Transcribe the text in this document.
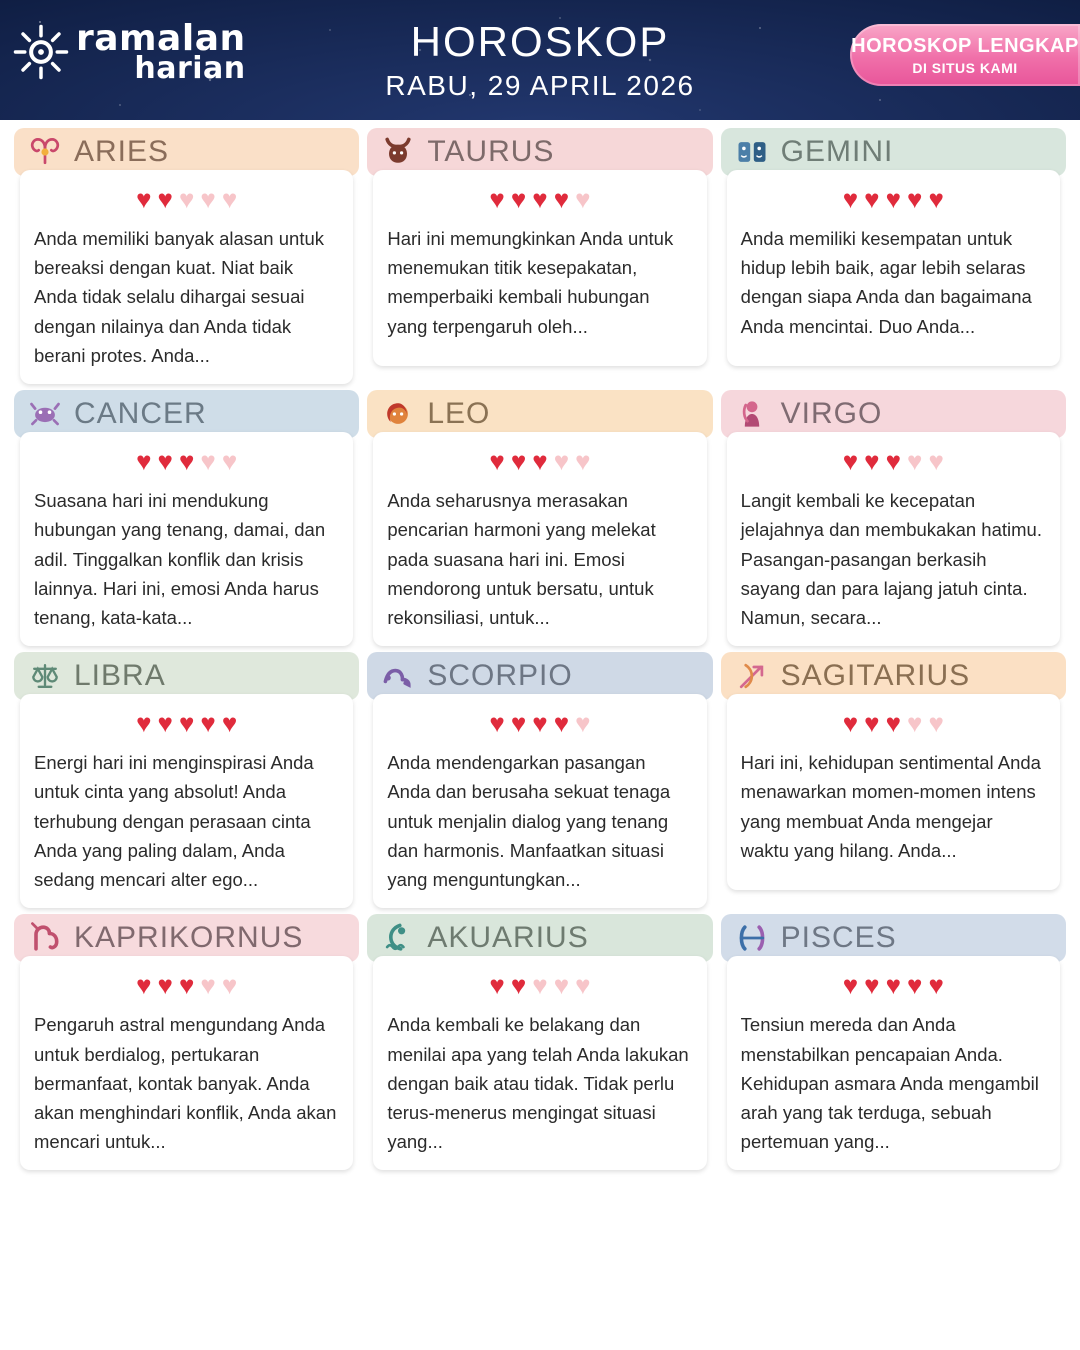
ramalan
harian
HOROSKOP
RABU, 29 APRIL 2026
HOROSKOP LENGKAP
DI SITUS KAMI
ARIES
♥ ♥ ♥ ♥ ♥
Anda memiliki banyak alasan untuk bereaksi dengan kuat. Niat baik Anda tidak selalu dihargai sesuai dengan nilainya dan Anda tidak berani protes. Anda...
TAURUS
♥ ♥ ♥ ♥ ♥
Hari ini memungkinkan Anda untuk menemukan titik kesepakatan, memperbaiki kembali hubungan yang terpengaruh oleh...
GEMINI
♥ ♥ ♥ ♥ ♥
Anda memiliki kesempatan untuk hidup lebih baik, agar lebih selaras dengan siapa Anda dan bagaimana Anda mencintai. Duo Anda...
CANCER
♥ ♥ ♥ ♥ ♥
Suasana hari ini mendukung hubungan yang tenang, damai, dan adil. Tinggalkan konflik dan krisis lainnya. Hari ini, emosi Anda harus tenang, kata-kata...
LEO
♥ ♥ ♥ ♥ ♥
Anda seharusnya merasakan pencarian harmoni yang melekat pada suasana hari ini. Emosi mendorong untuk bersatu, untuk rekonsiliasi, untuk...
VIRGO
♥ ♥ ♥ ♥ ♥
Langit kembali ke kecepatan jelajahnya dan membukakan hatimu. Pasangan-pasangan berkasih sayang dan para lajang jatuh cinta. Namun, secara...
LIBRA
♥ ♥ ♥ ♥ ♥
Energi hari ini menginspirasi Anda untuk cinta yang absolut! Anda terhubung dengan perasaan cinta Anda yang paling dalam, Anda sedang mencari alter ego...
SCORPIO
♥ ♥ ♥ ♥ ♥
Anda mendengarkan pasangan Anda dan berusaha sekuat tenaga untuk menjalin dialog yang tenang dan harmonis. Manfaatkan situasi yang menguntungkan...
SAGITARIUS
♥ ♥ ♥ ♥ ♥
Hari ini, kehidupan sentimental Anda menawarkan momen-momen intens yang membuat Anda mengejar waktu yang hilang. Anda...
KAPRIKORNUS
♥ ♥ ♥ ♥ ♥
Pengaruh astral mengundang Anda untuk berdialog, pertukaran bermanfaat, kontak banyak. Anda akan menghindari konflik, Anda akan mencari untuk...
AKUARIUS
♥ ♥ ♥ ♥ ♥
Anda kembali ke belakang dan menilai apa yang telah Anda lakukan dengan baik atau tidak. Tidak perlu terus-menerus mengingat situasi yang...
PISCES
♥ ♥ ♥ ♥ ♥
Tensiun mereda dan Anda menstabilkan pencapaian Anda. Kehidupan asmara Anda mengambil arah yang tak terduga, sebuah pertemuan yang...
